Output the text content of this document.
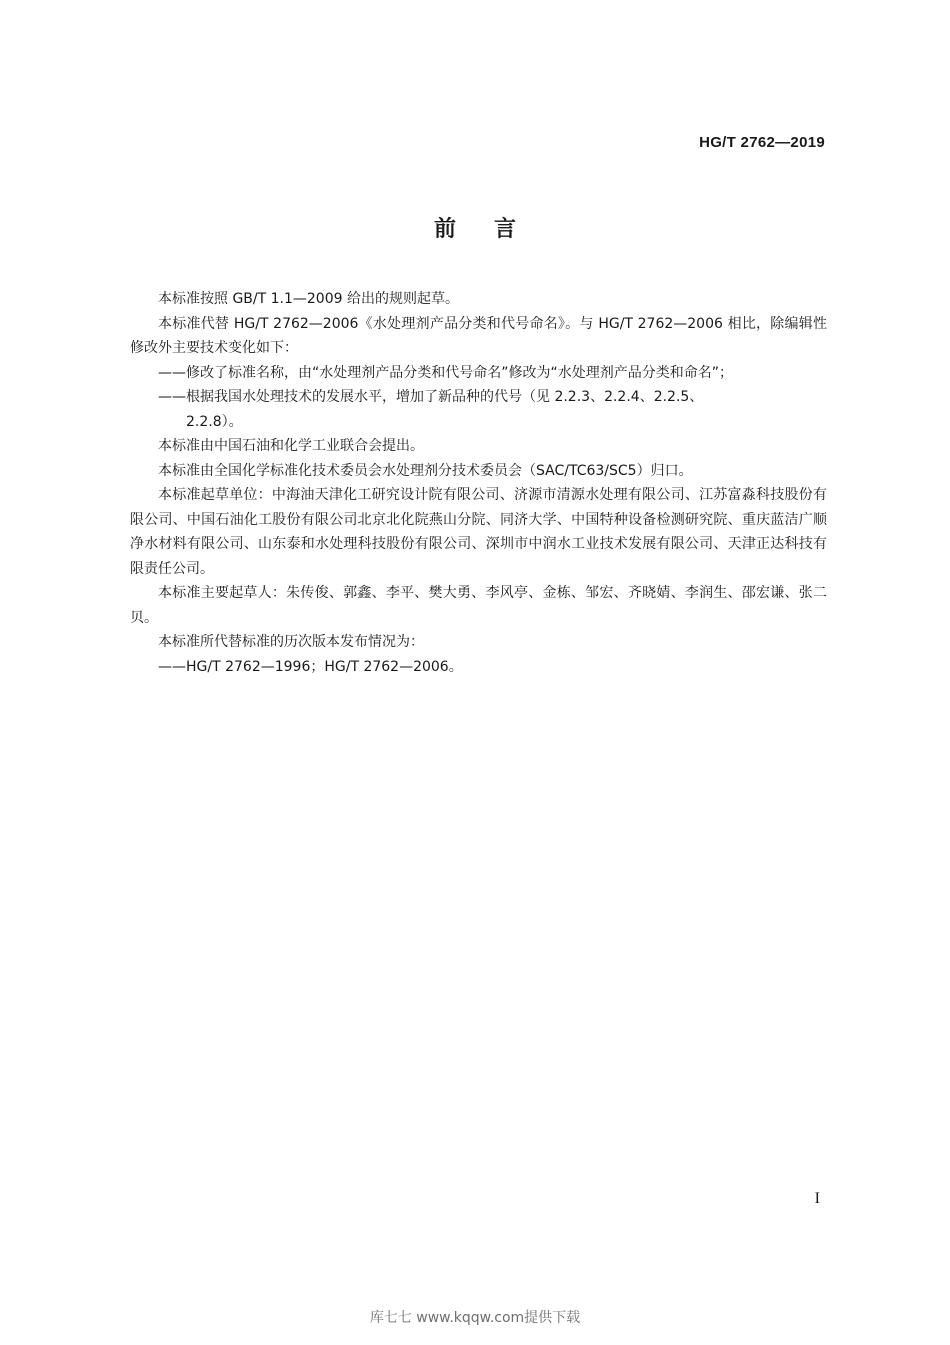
HG/T 2762—2019
前言

本标准按照 GB/T 1.1—2009 给出的规则起草。

本标准代替 HG/T 2762—2006《水处理剂产品分类和代号命名》。与 HG/T 2762—2006 相比，除编辑性修改外主要技术变化如下：

——修改了标准名称，由“水处理剂产品分类和代号命名”修改为“水处理剂产品分类和命名”；

——根据我国水处理技术的发展水平，增加了新品种的代号（见 2.2.3、2.2.4、2.2.5、
2.2.8）。

本标准由中国石油和化学工业联合会提出。

本标准由全国化学标准化技术委员会水处理剂分技术委员会（SAC/TC63/SC5）归口。

本标准起草单位：中海油天津化工研究设计院有限公司、济源市清源水处理有限公司、江苏富淼科技股份有限公司、中国石油化工股份有限公司北京北化院燕山分院、同济大学、中国特种设备检测研究院、重庆蓝洁广顺净水材料有限公司、山东泰和水处理科技股份有限公司、深圳市中润水工业技术发展有限公司、天津正达科技有限责任公司。

本标准主要起草人：朱传俊、郭鑫、李平、樊大勇、李风亭、金栋、邹宏、齐晓婧、李润生、邵宏谦、张二贝。

本标准所代替标准的历次版本发布情况为：

——HG/T 2762—1996；HG/T 2762—2006。

I
库七七 www.kqqw.com提供下载
